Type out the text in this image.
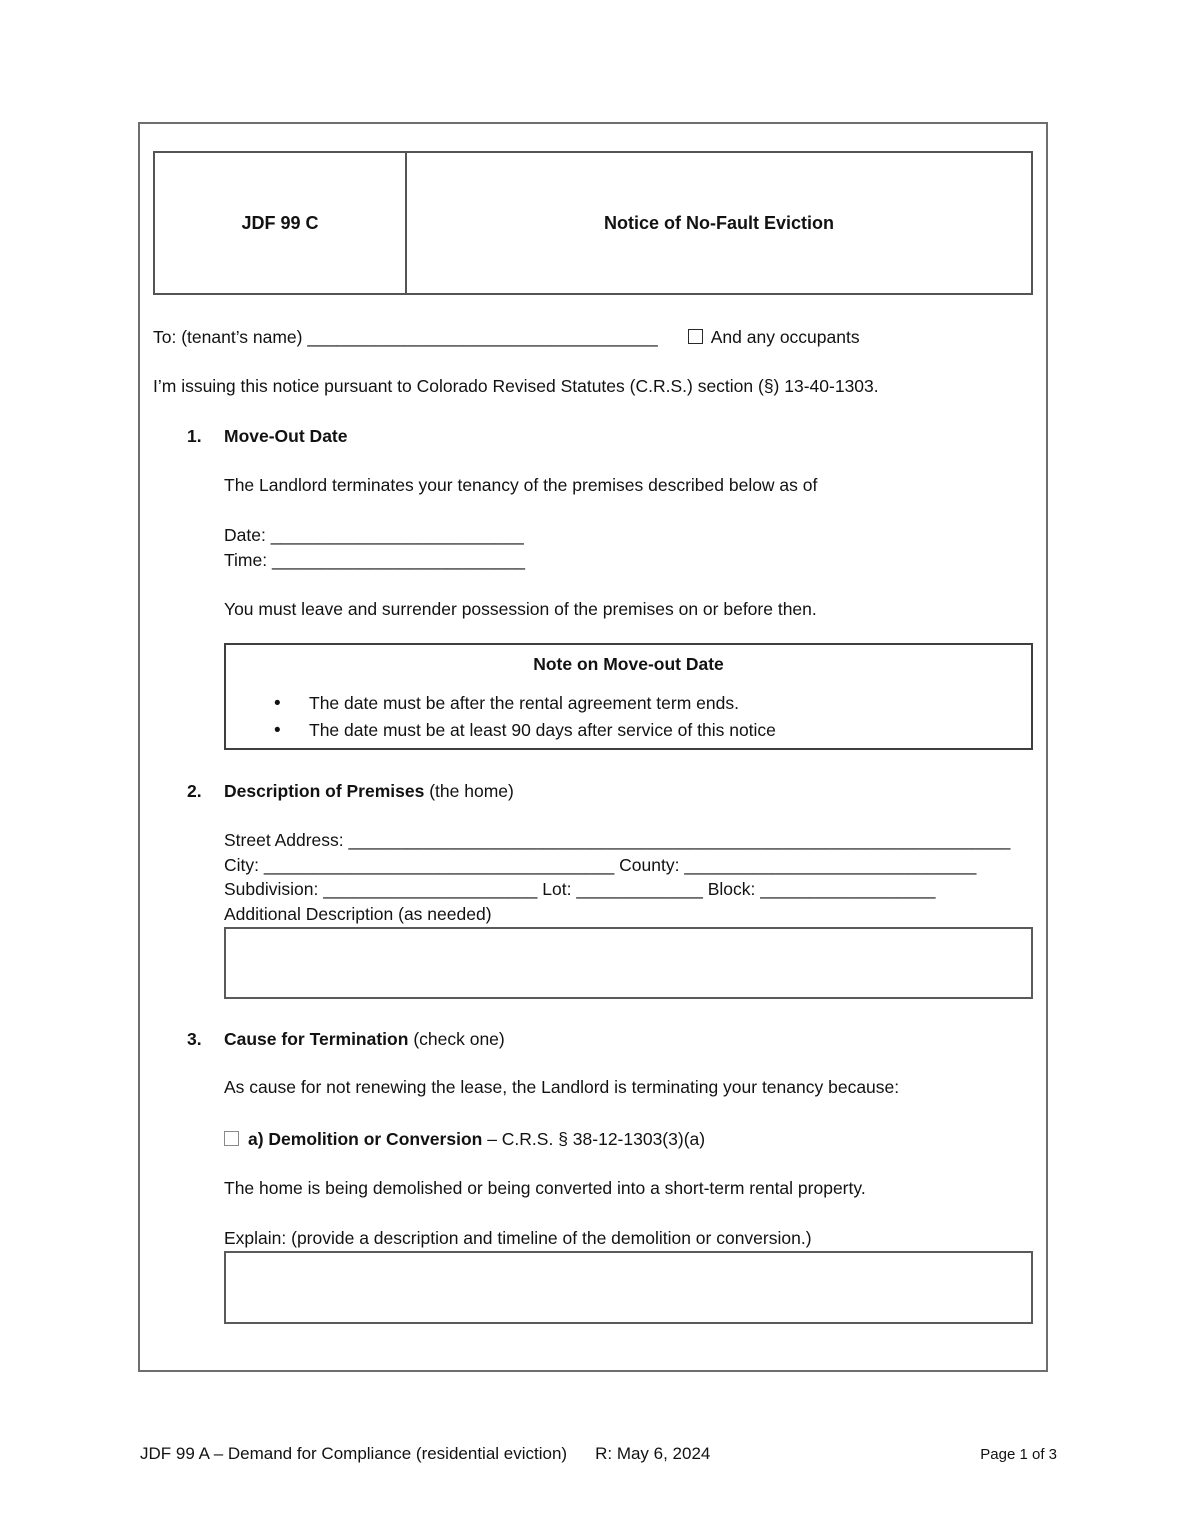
JDF 99 C	Notice of No-Fault Eviction
To: (tenant’s name) ____________________________________	And any occupants
I’m issuing this notice pursuant to Colorado Revised Statutes (C.R.S.) section (§) 13-40-1303.
1.	Move-Out Date
The Landlord terminates your tenancy of the premises described below as of
Date: __________________________
Time: __________________________
You must leave and surrender possession of the premises on or before then.
Note on Move-out Date
• The date must be after the rental agreement term ends.
• The date must be at least 90 days after service of this notice
2.	Description of Premises (the home)
Street Address: ____________________________________________________________________
City: ____________________________________ County: ______________________________
Subdivision: ______________________ Lot: _____________ Block: __________________
Additional Description (as needed)
3.	Cause for Termination (check one)
As cause for not renewing the lease, the Landlord is terminating your tenancy because:
a) Demolition or Conversion – C.R.S. § 38-12-1303(3)(a)
The home is being demolished or being converted into a short-term rental property.
Explain: (provide a description and timeline of the demolition or conversion.)
JDF 99 A – Demand for Compliance (residential eviction) R: May 6, 2024	Page 1 of 3
